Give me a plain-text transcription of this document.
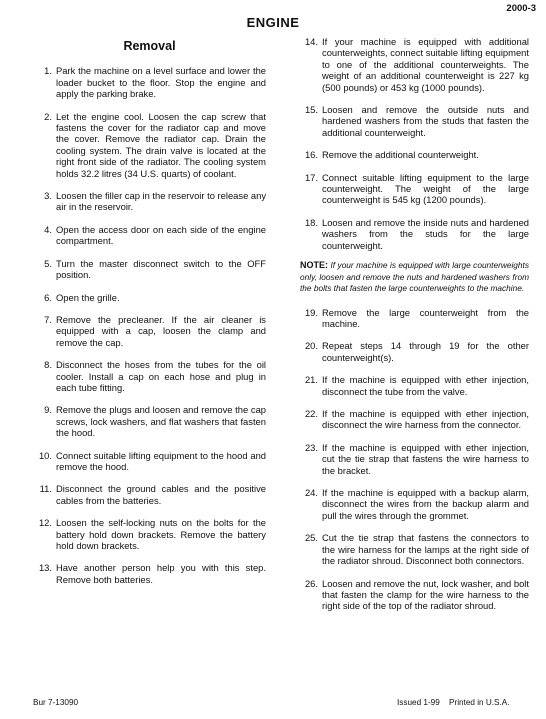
2000-3
ENGINE
Removal
1. Park the machine on a level surface and lower the loader bucket to the floor. Stop the engine and apply the parking brake.
2. Let the engine cool. Loosen the cap screw that fastens the cover for the radiator cap and move the cover. Remove the radiator cap. Drain the cooling system. The drain valve is located at the right front side of the radiator. The cooling system holds 32.2 litres (34 U.S. quarts) of coolant.
3. Loosen the filler cap in the reservoir to release any air in the reservoir.
4. Open the access door on each side of the engine compartment.
5. Turn the master disconnect switch to the OFF position.
6. Open the grille.
7. Remove the precleaner. If the air cleaner is equipped with a cap, loosen the clamp and remove the cap.
8. Disconnect the hoses from the tubes for the oil cooler. Install a cap on each hose and plug in each tube fitting.
9. Remove the plugs and loosen and remove the cap screws, lock washers, and flat washers that fasten the hood.
10. Connect suitable lifting equipment to the hood and remove the hood.
11. Disconnect the ground cables and the positive cables from the batteries.
12. Loosen the self-locking nuts on the bolts for the battery hold down brackets. Remove the battery hold down brackets.
13. Have another person help you with this step. Remove both batteries.
14. If your machine is equipped with additional counterweights, connect suitable lifting equipment to one of the additional counterweights. The weight of an additional counterweight is 227 kg (500 pounds) or 453 kg (1000 pounds).
15. Loosen and remove the outside nuts and hardened washers from the studs that fasten the additional counterweight.
16. Remove the additional counterweight.
17. Connect suitable lifting equipment to the large counterweight. The weight of the large counterweight is 545 kg (1200 pounds).
18. Loosen and remove the inside nuts and hardened washers from the studs for the large counterweight.
NOTE: If your machine is equipped with large counterweights only, loosen and remove the nuts and hardened washers from the bolts that fasten the large counterweights to the machine.
19. Remove the large counterweight from the machine.
20. Repeat steps 14 through 19 for the other counterweight(s).
21. If the machine is equipped with ether injection, disconnect the tube from the valve.
22. If the machine is equipped with ether injection, disconnect the wire harness from the connector.
23. If the machine is equipped with ether injection, cut the tie strap that fastens the wire harness to the bracket.
24. If the machine is equipped with a backup alarm, disconnect the wires from the backup alarm and pull the wires through the grommet.
25. Cut the tie strap that fastens the connectors to the wire harness for the lamps at the right side of the radiator shroud. Disconnect both connectors.
26. Loosen and remove the nut, lock washer, and bolt that fasten the clamp for the wire harness to the right side of the top of the radiator shroud.
Bur 7-13090	Issued 1-99 Printed in U.S.A.
